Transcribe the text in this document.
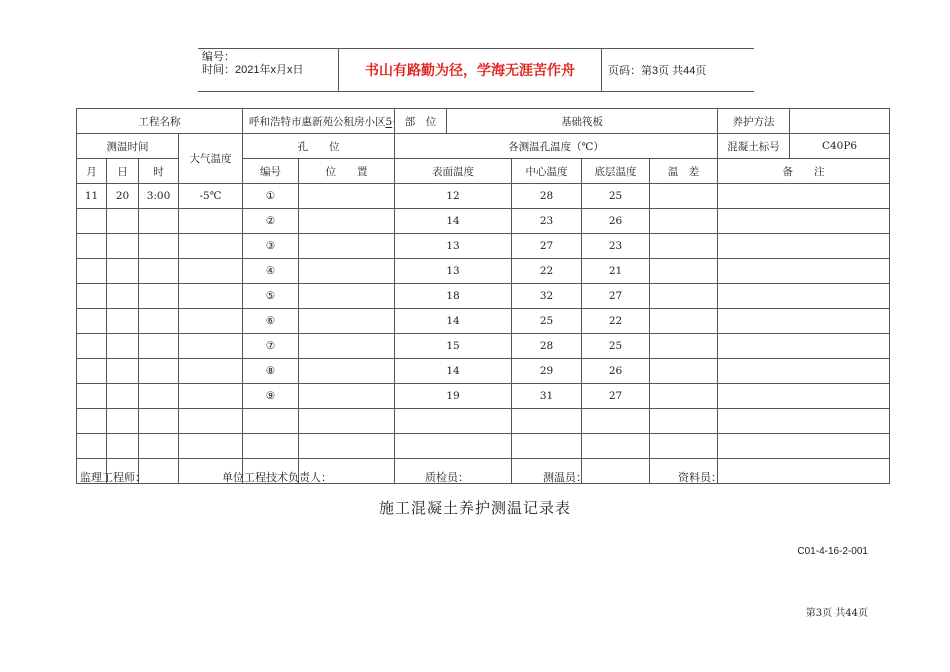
编号：
时间：2021年x月x日	书山有路勤为径，学海无涯苦作舟	页码：第3页 共44页
工程名称				呼和浩特市惠新苑公租房小区5		部　位	基础筏板				养护方法	
测温时间			大气温度	孔　　位		各测温孔温度（℃）					混凝土标号	C40P6
月	日	时		编号	位　　置	表面温度		中心温度	底层温度	温　差	备　　注	
11	20	3:00	-5℃	①		12		28	25			
				②		14		23	26			
				③		13		27	23			
				④		13		22	21			
				⑤		18		32	27			
				⑥		14		25	22			
				⑦		15		28	25			
				⑧		14		29	26			
				⑨		19		31	27			

监理工程师：	单位工程技术负责人：	质检员：	测温员：	资料员：
施工混凝土养护测温记录表
C01-4-16-2-001
第3页 共44页
